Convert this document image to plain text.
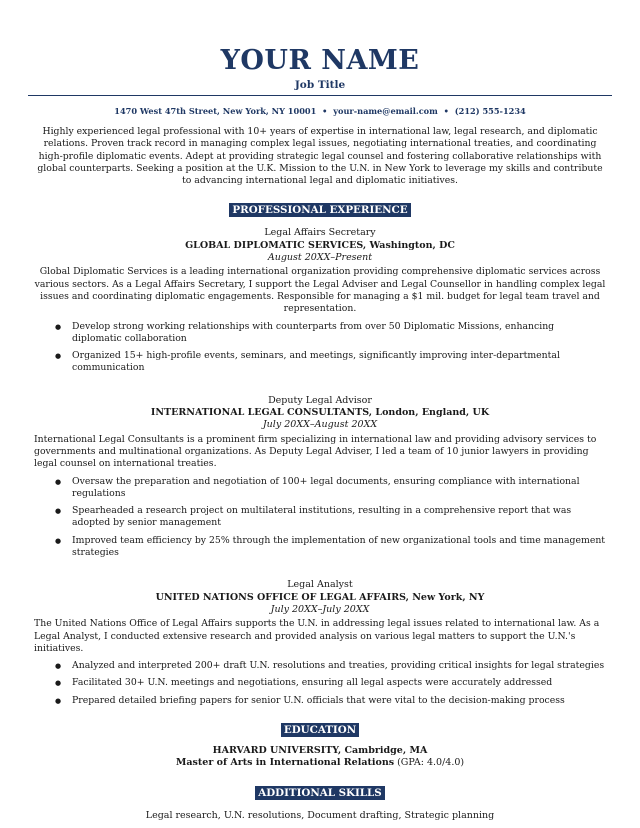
YOUR NAME
Job Title
1470 West 47th Street, New York, NY 10001 • your-name@email.com • (212) 555-1234
Highly experienced legal professional with 10+ years of expertise in international law, legal research, and diplomatic relations. Proven track record in managing complex legal issues, negotiating international treaties, and coordinating high-profile diplomatic events. Adept at providing strategic legal counsel and fostering collaborative relationships with global counterparts. Seeking a position at the U.K. Mission to the U.N. in New York to leverage my skills and contribute to advancing international legal and diplomatic initiatives.
PROFESSIONAL EXPERIENCE
Legal Affairs Secretary
GLOBAL DIPLOMATIC SERVICES, Washington, DC
August 20XX–Present
Global Diplomatic Services is a leading international organization providing comprehensive diplomatic services across various sectors. As a Legal Affairs Secretary, I support the Legal Adviser and Legal Counsellor in handling complex legal issues and coordinating diplomatic engagements. Responsible for managing a $1 mil. budget for legal team travel and representation.
● Develop strong working relationships with counterparts from over 50 Diplomatic Missions, enhancing diplomatic collaboration
● Organized 15+ high-profile events, seminars, and meetings, significantly improving inter-departmental communication
Deputy Legal Advisor
INTERNATIONAL LEGAL CONSULTANTS, London, England, UK
July 20XX–August 20XX
International Legal Consultants is a prominent firm specializing in international law and providing advisory services to governments and multinational organizations. As Deputy Legal Adviser, I led a team of 10 junior lawyers in providing legal counsel on international treaties.
● Oversaw the preparation and negotiation of 100+ legal documents, ensuring compliance with international regulations
● Spearheaded a research project on multilateral institutions, resulting in a comprehensive report that was adopted by senior management
● Improved team efficiency by 25% through the implementation of new organizational tools and time management strategies
Legal Analyst
UNITED NATIONS OFFICE OF LEGAL AFFAIRS, New York, NY
July 20XX–July 20XX
The United Nations Office of Legal Affairs supports the U.N. in addressing legal issues related to international law. As a Legal Analyst, I conducted extensive research and provided analysis on various legal matters to support the U.N.'s initiatives.
● Analyzed and interpreted 200+ draft U.N. resolutions and treaties, providing critical insights for legal strategies
● Facilitated 30+ U.N. meetings and negotiations, ensuring all legal aspects were accurately addressed
● Prepared detailed briefing papers for senior U.N. officials that were vital to the decision-making process
EDUCATION
HARVARD UNIVERSITY, Cambridge, MA
Master of Arts in International Relations (GPA: 4.0/4.0)
ADDITIONAL SKILLS
Legal research, U.N. resolutions, Document drafting, Strategic planning
